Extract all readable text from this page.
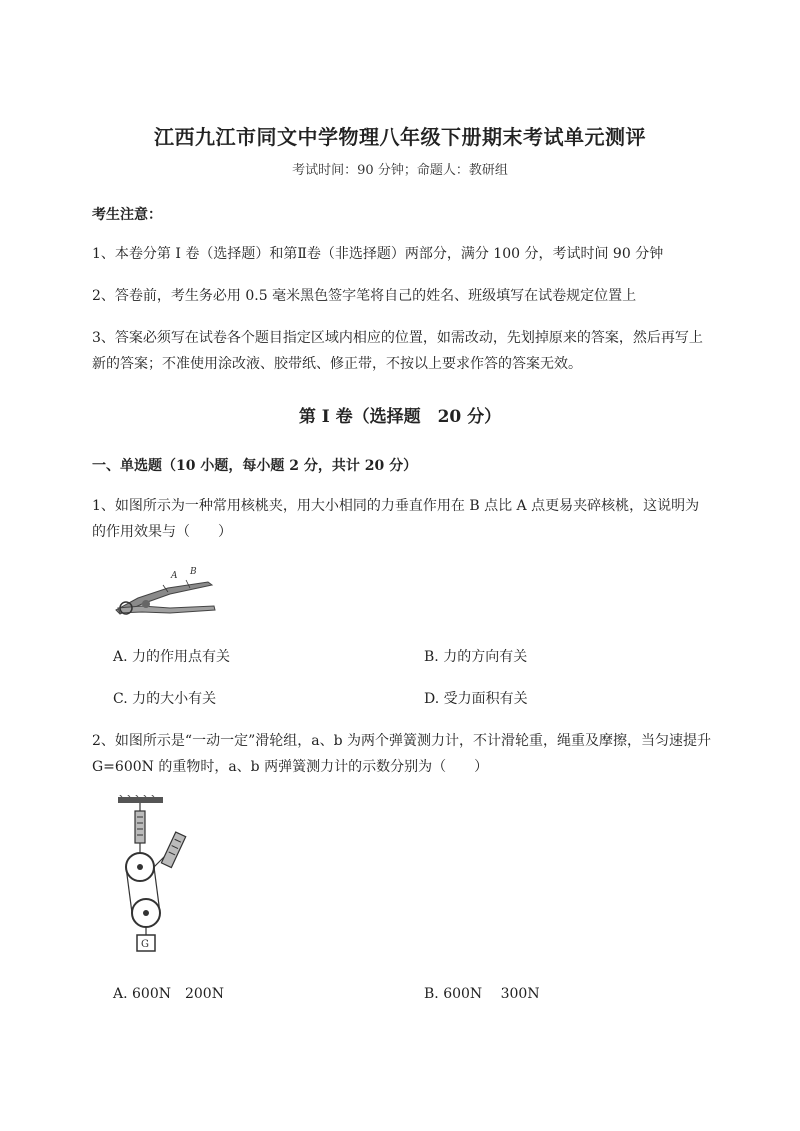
江西九江市同文中学物理八年级下册期末考试单元测评
考试时间：90 分钟；命题人：教研组
考生注意：
1、本卷分第 I 卷（选择题）和第Ⅱ卷（非选择题）两部分，满分 100 分，考试时间 90 分钟
2、答卷前，考生务必用 0.5 毫米黑色签字笔将自己的姓名、班级填写在试卷规定位置上
3、答案必须写在试卷各个题目指定区域内相应的位置，如需改动，先划掉原来的答案，然后再写上新的答案；不准使用涂改液、胶带纸、修正带，不按以上要求作答的答案无效。
第 I 卷（选择题　20 分）
一、单选题（10 小题，每小题 2 分，共计 20 分）
1、如图所示为一种常用核桃夹，用大小相同的力垂直作用在 B 点比 A 点更易夹碎核桃，这说明为的作用效果与（　　）
A B
A. 力的作用点有关	B. 力的方向有关
C. 力的大小有关	D. 受力面积有关
2、如图所示是“一动一定”滑轮组，a、b 为两个弹簧测力计，不计滑轮重，绳重及摩擦，当匀速提升 G=600N 的重物时，a、b 两弹簧测力计的示数分别为（　　）
G
A. 600N　200N	B. 600N　 300N
